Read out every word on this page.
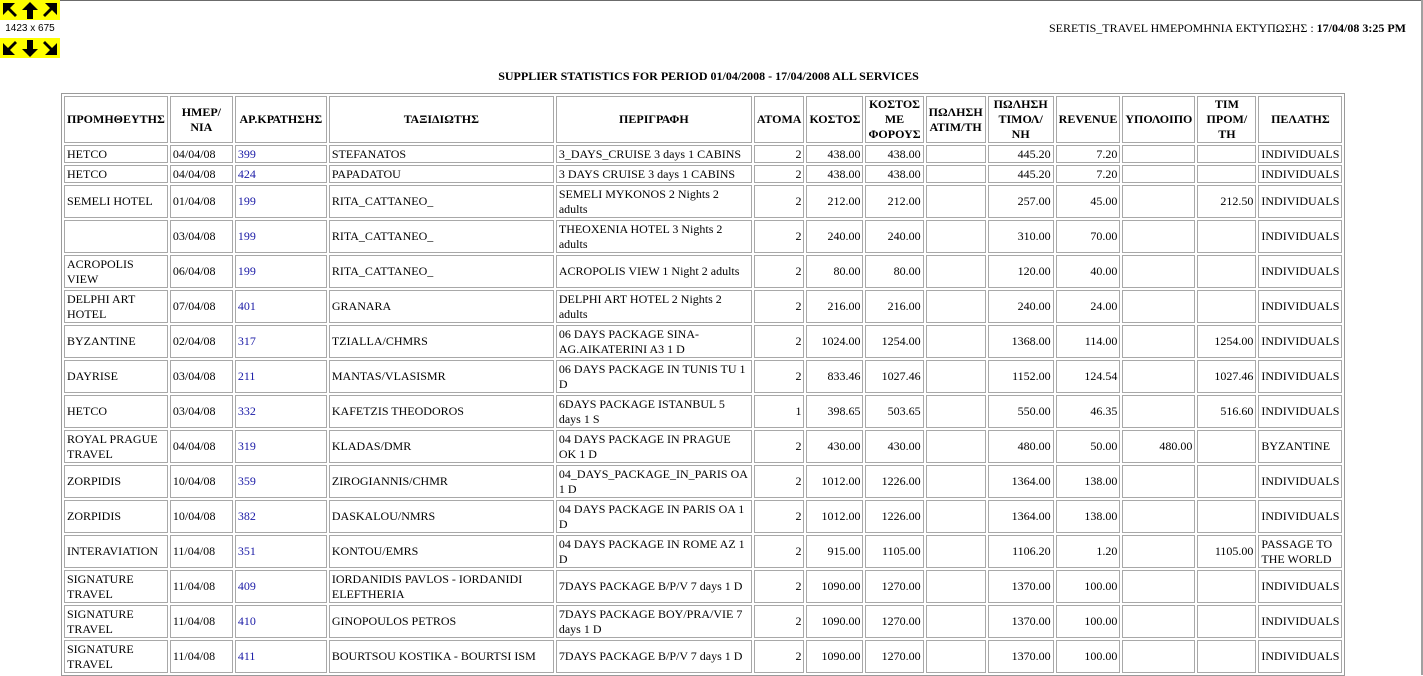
1423 x 675	SERETIS_TRAVEL ΗΜΕΡΟΜΗΝΙΑ ΕΚΤΥΠΩΣΗΣ : 17/04/08 3:25 PM
SUPPLIER STATISTICS FOR PERIOD 01/04/2008 - 17/04/2008 ALL SERVICES
ΠΡΟΜΗΘΕΥΤΗΣ	ΗΜΕΡ/ΝΙΑ	ΑΡ.ΚΡΑΤΗΣΗΣ	ΤΑΞΙΔΙΩΤΗΣ	ΠΕΡΙΓΡΑΦΗ	ΑΤΟΜΑ	ΚΟΣΤΟΣ	ΚΟΣΤΟΣ ΜΕ ΦΟΡΟΥΣ	ΠΩΛΗΣΗ ΑΤΙΜ/ΤΗ	ΠΩΛΗΣΗ ΤΙΜΟΛ/ΝΗ	REVENUE	ΥΠΟΛΟΙΠΟ	ΤΙΜ ΠΡΟΜ/ΤΗ	ΠΕΛΑΤΗΣ
HETCO	04/04/08	399	STEFANATOS	3_DAYS_CRUISE 3 days 1 CABINS	2	438.00	438.00		445.20	7.20			INDIVIDUALS
HETCO	04/04/08	424	PAPADATOU	3 DAYS CRUISE 3 days 1 CABINS	2	438.00	438.00		445.20	7.20			INDIVIDUALS
SEMELI HOTEL	01/04/08	199	RITA_CATTANEO_	SEMELI MYKONOS 2 Nights 2 adults	2	212.00	212.00		257.00	45.00		212.50	INDIVIDUALS
	03/04/08	199	RITA_CATTANEO_	THEOXENIA HOTEL 3 Nights 2 adults	2	240.00	240.00		310.00	70.00			INDIVIDUALS
ACROPOLIS VIEW	06/04/08	199	RITA_CATTANEO_	ACROPOLIS VIEW 1 Night 2 adults	2	80.00	80.00		120.00	40.00			INDIVIDUALS
DELPHI ART HOTEL	07/04/08	401	GRANARA	DELPHI ART HOTEL 2 Nights 2 adults	2	216.00	216.00		240.00	24.00			INDIVIDUALS
BYZANTINE	02/04/08	317	TZIALLA/CHMRS	06 DAYS PACKAGE SINA-AG.AIKATERINI A3 1 D	2	1024.00	1254.00		1368.00	114.00		1254.00	INDIVIDUALS
DAYRISE	03/04/08	211	MANTAS/VLASISMR	06 DAYS PACKAGE IN TUNIS TU 1 D	2	833.46	1027.46		1152.00	124.54		1027.46	INDIVIDUALS
HETCO	03/04/08	332	KAFETZIS THEODOROS	6DAYS PACKAGE ISTANBUL 5 days 1 S	1	398.65	503.65		550.00	46.35		516.60	INDIVIDUALS
ROYAL PRAGUE TRAVEL	04/04/08	319	KLADAS/DMR	04 DAYS PACKAGE IN PRAGUE OK 1 D	2	430.00	430.00		480.00	50.00	480.00		BYZANTINE
ZORPIDIS	10/04/08	359	ZIROGIANNIS/CHMR	04_DAYS_PACKAGE_IN_PARIS OA 1 D	2	1012.00	1226.00		1364.00	138.00			INDIVIDUALS
ZORPIDIS	10/04/08	382	DASKALOU/NMRS	04 DAYS PACKAGE IN PARIS OA 1 D	2	1012.00	1226.00		1364.00	138.00			INDIVIDUALS
INTERAVIATION	11/04/08	351	KONTOU/EMRS	04 DAYS PACKAGE IN ROME AZ 1 D	2	915.00	1105.00		1106.20	1.20		1105.00	PASSAGE TO THE WORLD
SIGNATURE TRAVEL	11/04/08	409	IORDANIDIS PAVLOS - IORDANIDI ELEFTHERIA	7DAYS PACKAGE B/P/V 7 days 1 D	2	1090.00	1270.00		1370.00	100.00			INDIVIDUALS
SIGNATURE TRAVEL	11/04/08	410	GINOPOULOS PETROS	7DAYS PACKAGE BOY/PRA/VIE 7 days 1 D	2	1090.00	1270.00		1370.00	100.00			INDIVIDUALS
SIGNATURE TRAVEL	11/04/08	411	BOURTSOU KOSTIKA - BOURTSI ISM	7DAYS PACKAGE B/P/V 7 days 1 D	2	1090.00	1270.00		1370.00	100.00			INDIVIDUALS
